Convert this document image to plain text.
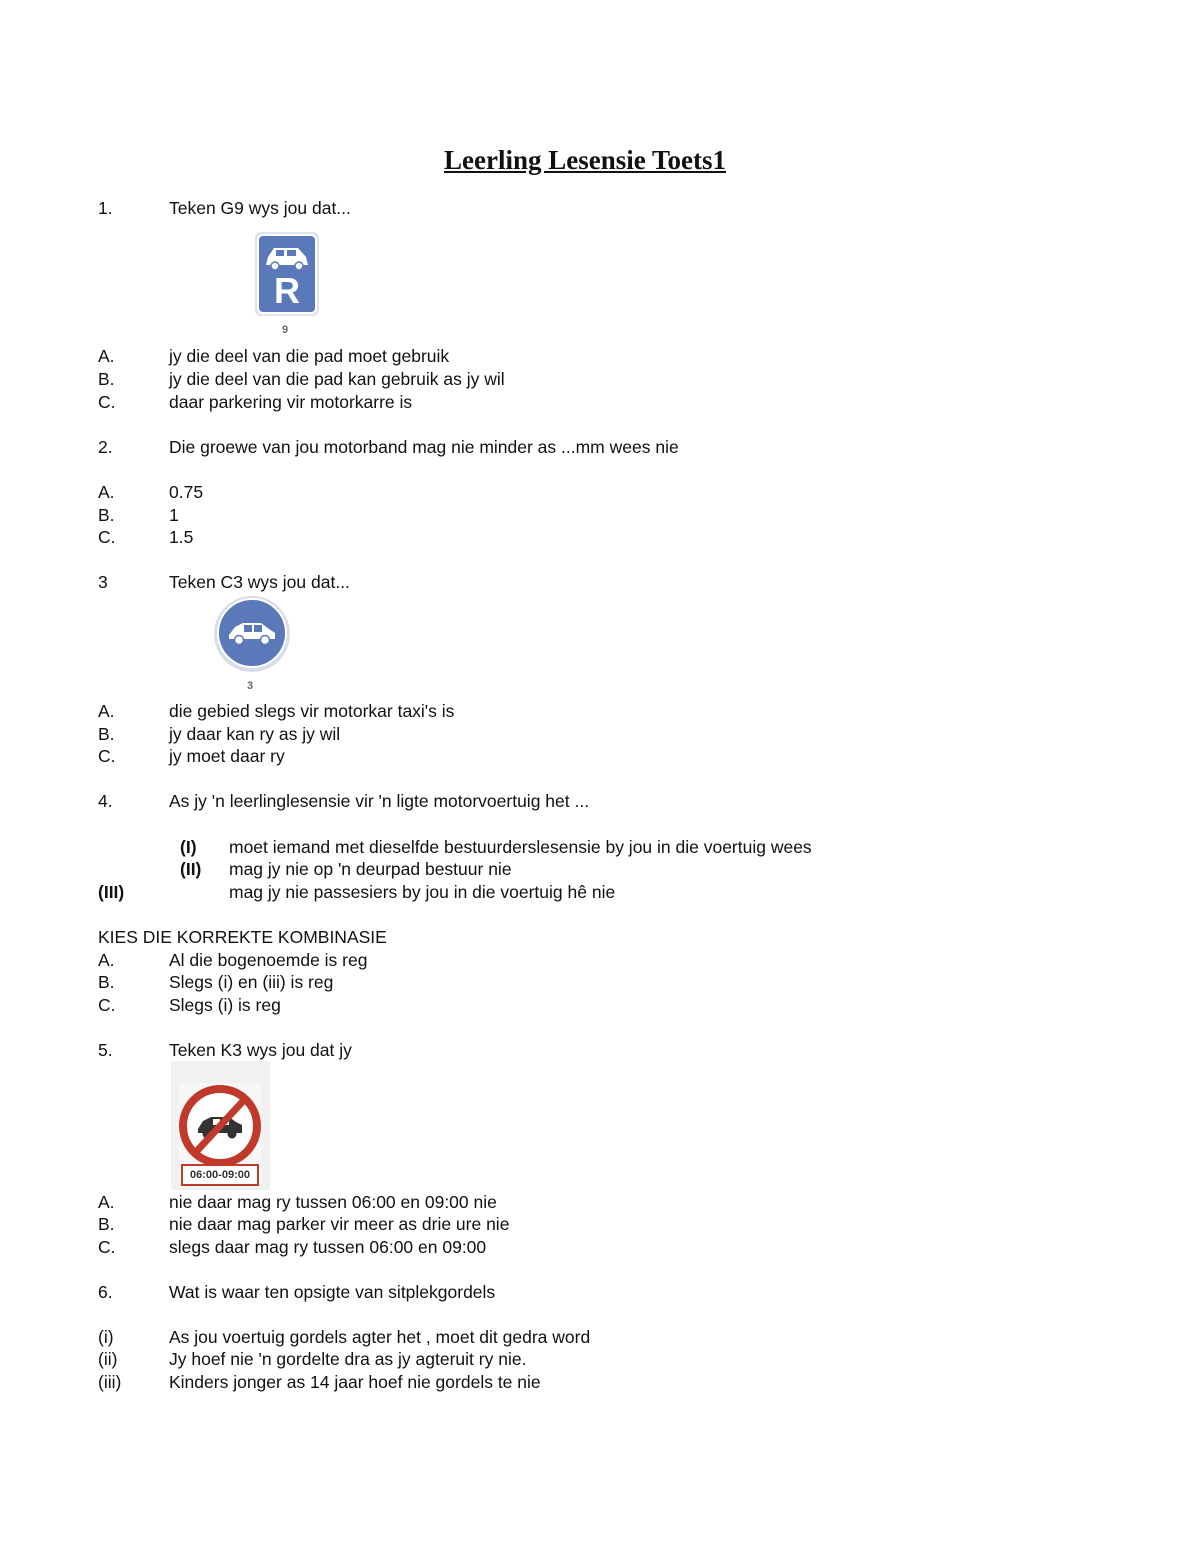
Leerling Lesensie Toets1
1.	Teken G9 wys jou dat...
R
9
A.	jy die deel van die pad moet gebruik
B.	jy die deel van die pad kan gebruik as jy wil
C.	daar parkering vir motorkarre is
2.	Die groewe van jou motorband mag nie minder as ...mm wees nie
A.	0.75
B.	1
C.	1.5
3	Teken C3 wys jou dat...
3
A.	die gebied slegs vir motorkar taxi's is
B.	jy daar kan ry as jy wil
C.	jy moet daar ry
4.	As jy 'n leerlinglesensie vir 'n ligte motorvoertuig het ...
(I) moet iemand met dieselfde bestuurderslesensie by jou in die voertuig wees
(II) mag jy nie op 'n deurpad bestuur nie
(III)	mag jy nie passesiers by jou in die voertuig hê nie
KIES DIE KORREKTE KOMBINASIE
A.	Al die bogenoemde is reg
B.	Slegs (i) en (iii) is reg
C.	Slegs (i) is reg
5.	Teken K3 wys jou dat jy
06:00-09:00
A.	nie daar mag ry tussen 06:00 en 09:00 nie
B.	nie daar mag parker vir meer as drie ure nie
C.	slegs daar mag ry tussen 06:00 en 09:00
6.	Wat is waar ten opsigte van sitplekgordels
(i)	As jou voertuig gordels agter het , moet dit gedra word
(ii)	Jy hoef nie 'n gordelte dra as jy agteruit ry nie.
(iii)	Kinders jonger as 14 jaar hoef nie gordels te nie
